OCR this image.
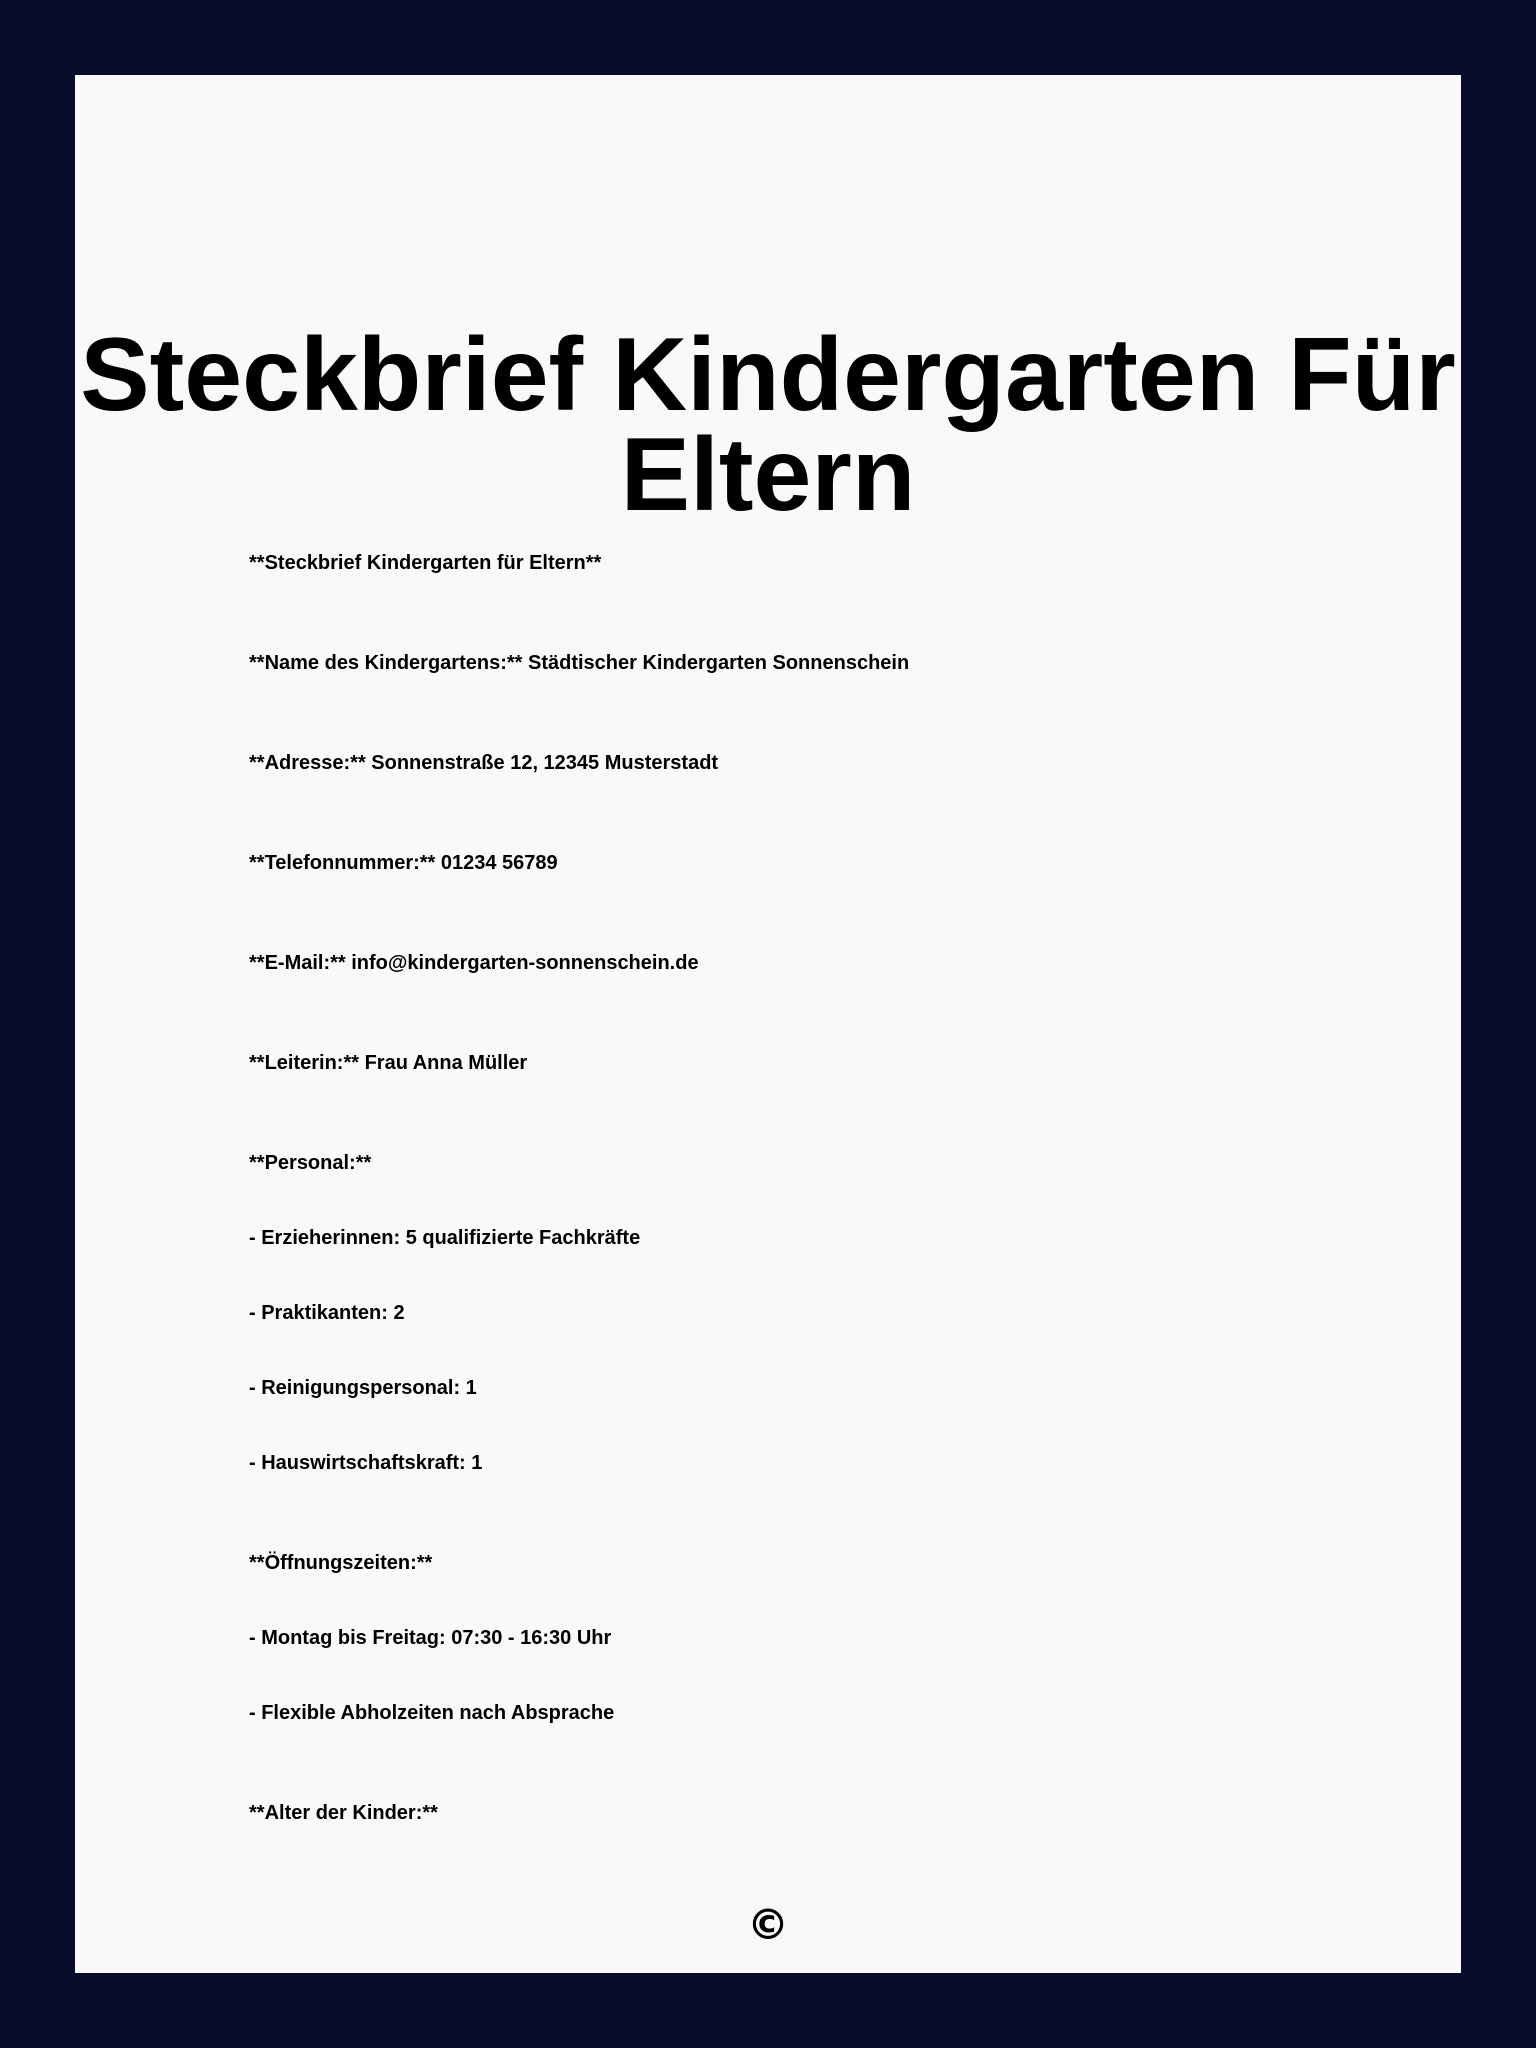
Steckbrief Kindergarten Für Eltern

**Steckbrief Kindergarten für Eltern**

**Name des Kindergartens:** Städtischer Kindergarten Sonnenschein

**Adresse:** Sonnenstraße 12, 12345 Musterstadt

**Telefonnummer:** 01234 56789

**E-Mail:** info@kindergarten-sonnenschein.de

**Leiterin:** Frau Anna Müller

**Personal:**

- Erzieherinnen: 5 qualifizierte Fachkräfte

- Praktikanten: 2

- Reinigungspersonal: 1

- Hauswirtschaftskraft: 1

**Öffnungszeiten:**

- Montag bis Freitag: 07:30 - 16:30 Uhr

- Flexible Abholzeiten nach Absprache

**Alter der Kinder:**

©
